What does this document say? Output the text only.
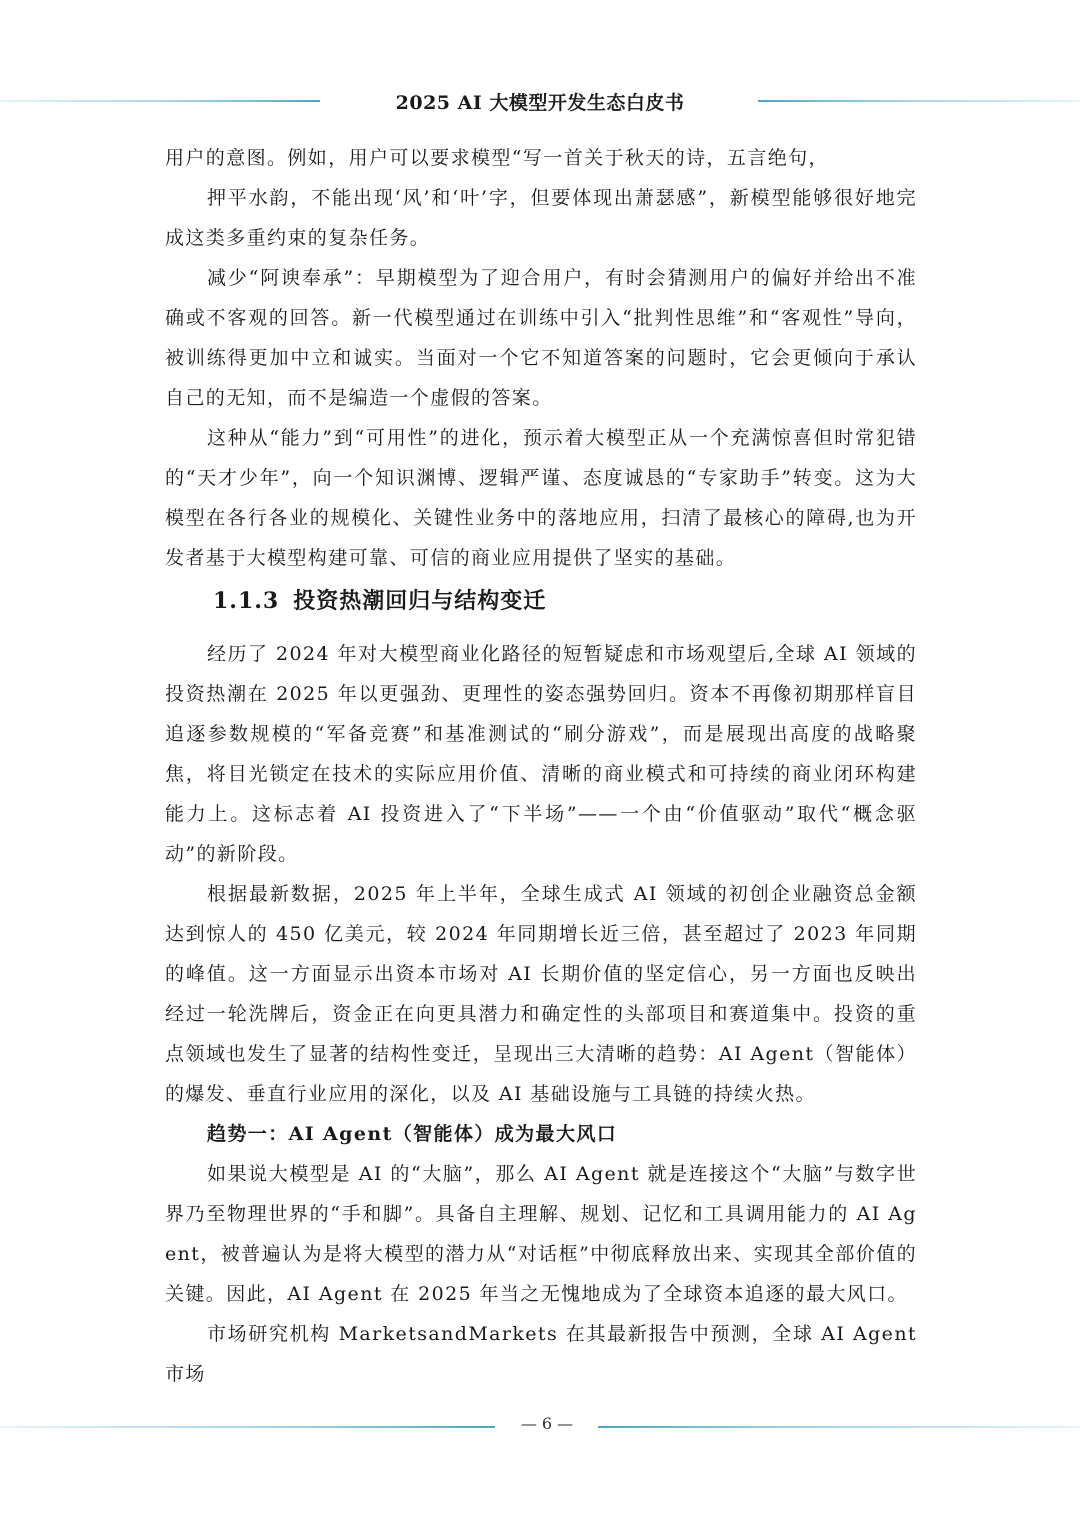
2025 AI 大模型开发生态白皮书

用户的意图。例如，用户可以要求模型“写一首关于秋天的诗，五言绝句，

押平水韵，不能出现‘风’和‘叶’字，但要体现出萧瑟感”，新模型能够很好地完成这类多重约束的复杂任务。

减少“阿谀奉承”：早期模型为了迎合用户，有时会猜测用户的偏好并给出不准确或不客观的回答。新一代模型通过在训练中引入“批判性思维”和“客观性”导向，被训练得更加中立和诚实。当面对一个它不知道答案的问题时，它会更倾向于承认自己的无知，而不是编造一个虚假的答案。

这种从“能力”到“可用性”的进化，预示着大模型正从一个充满惊喜但时常犯错的“天才少年”，向一个知识渊博、逻辑严谨、态度诚恳的“专家助手”转变。这为大模型在各行各业的规模化、关键性业务中的落地应用，扫清了最核心的障碍,也为开发者基于大模型构建可靠、可信的商业应用提供了坚实的基础。

1.1.3 投资热潮回归与结构变迁

经历了 2024 年对大模型商业化路径的短暂疑虑和市场观望后,全球 AI 领域的投资热潮在 2025 年以更强劲、更理性的姿态强势回归。资本不再像初期那样盲目追逐参数规模的“军备竞赛”和基准测试的“刷分游戏”，而是展现出高度的战略聚焦，将目光锁定在技术的实际应用价值、清晰的商业模式和可持续的商业闭环构建能力上。这标志着 AI 投资进入了“下半场”——一个由“价值驱动”取代“概念驱动”的新阶段。

根据最新数据，2025 年上半年，全球生成式 AI 领域的初创企业融资总金额达到惊人的 450 亿美元，较 2024 年同期增长近三倍，甚至超过了 2023 年同期的峰值。这一方面显示出资本市场对 AI 长期价值的坚定信心，另一方面也反映出经过一轮洗牌后，资金正在向更具潜力和确定性的头部项目和赛道集中。投资的重点领域也发生了显著的结构性变迁，呈现出三大清晰的趋势：AI Agent（智能体）的爆发、垂直行业应用的深化，以及 AI 基础设施与工具链的持续火热。

趋势一：AI Agent（智能体）成为最大风口

如果说大模型是 AI 的“大脑”，那么 AI Agent 就是连接这个“大脑”与数字世界乃至物理世界的“手和脚”。具备自主理解、规划、记忆和工具调用能力的 AI Agent，被普遍认为是将大模型的潜力从“对话框”中彻底释放出来、实现其全部价值的关键。因此，AI Agent 在 2025 年当之无愧地成为了全球资本追逐的最大风口。

市场研究机构 MarketsandMarkets 在其最新报告中预测，全球 AI Agent 市场

— 6 —
